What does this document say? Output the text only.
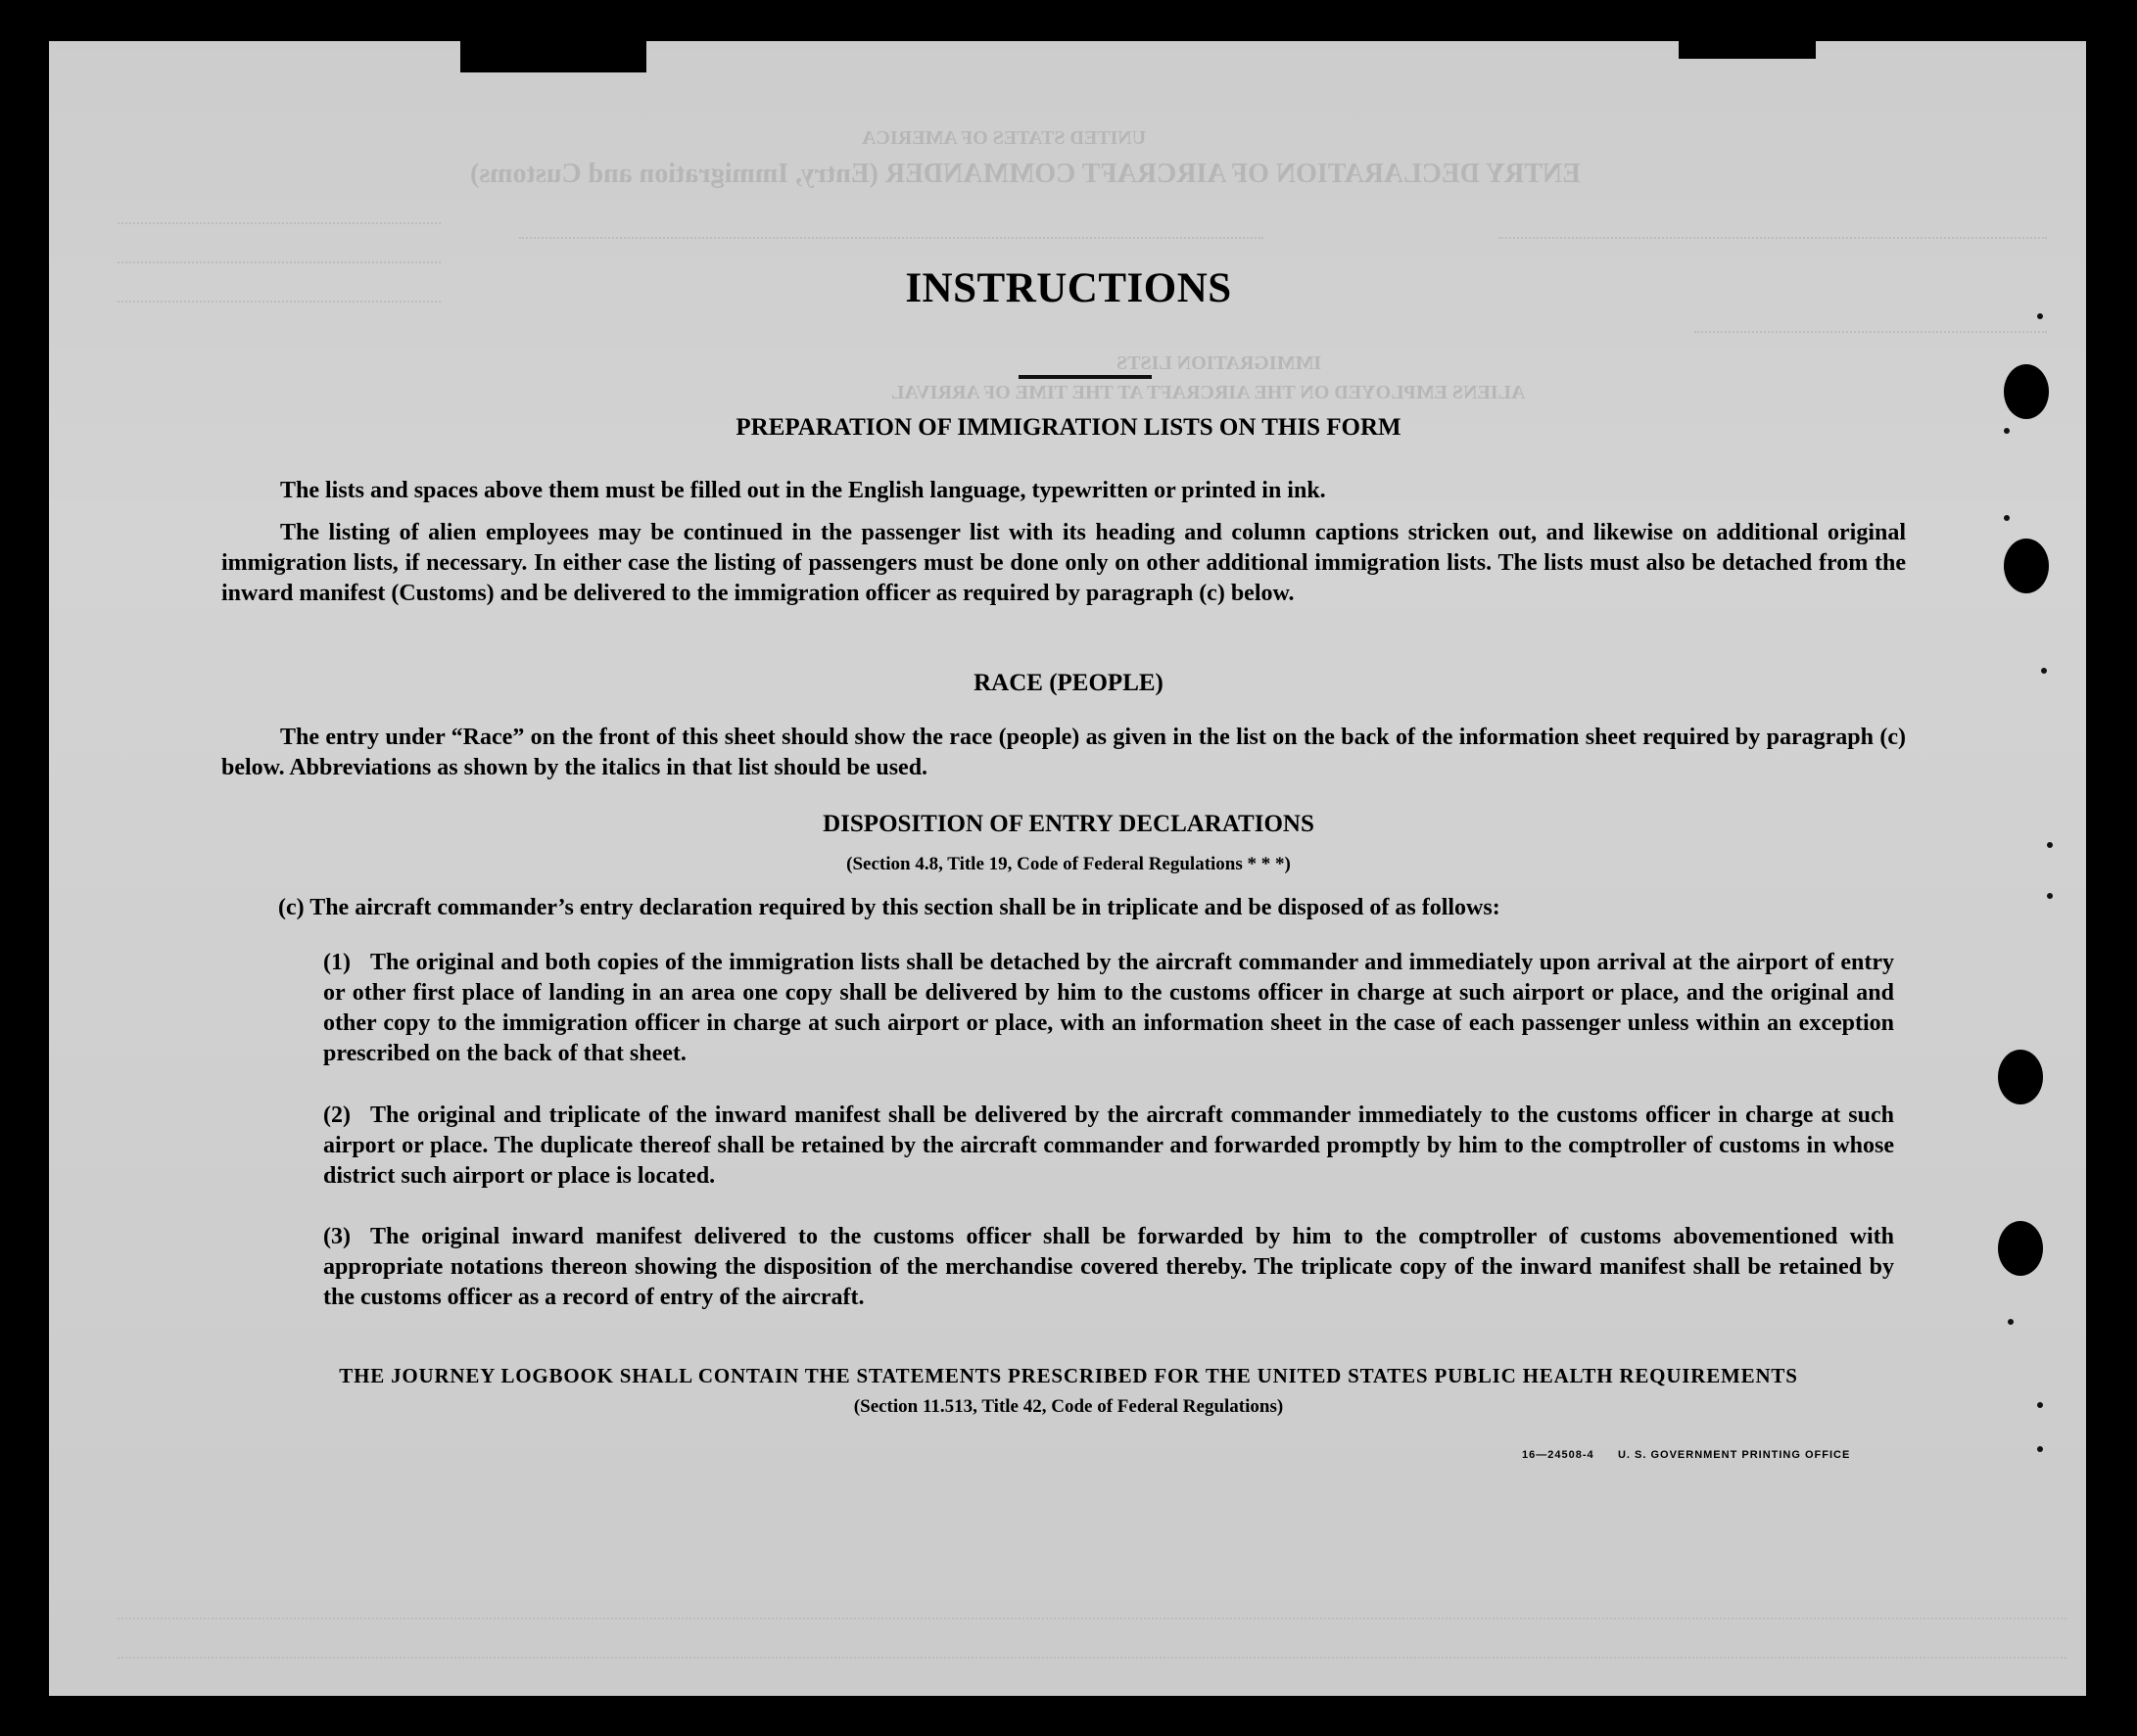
UNITED STATES OF AMERICA
ENTRY DECLARATION OF AIRCRAFT COMMANDER (Entry, Immigration and Customs)
IMMIGRATION LISTS
ALIENS EMPLOYED ON THE AIRCRAFT AT THE TIME OF ARRIVAL
INSTRUCTIONS
PREPARATION OF IMMIGRATION LISTS ON THIS FORM
The lists and spaces above them must be filled out in the English language, typewritten or printed in ink.
The listing of alien employees may be continued in the passenger list with its heading and column captions stricken out, and likewise on additional original immigration lists, if necessary. In either case the listing of passengers must be done only on other additional immigration lists. The lists must also be detached from the inward manifest (Customs) and be delivered to the immigration officer as required by paragraph (c) below.
RACE (PEOPLE)
The entry under “Race” on the front of this sheet should show the race (people) as given in the list on the back of the information sheet required by paragraph (c) below. Abbreviations as shown by the italics in that list should be used.
DISPOSITION OF ENTRY DECLARATIONS
(Section 4.8, Title 19, Code of Federal Regulations * * *)
(c) The aircraft commander’s entry declaration required by this section shall be in triplicate and be disposed of as follows:
(1) The original and both copies of the immigration lists shall be detached by the aircraft commander and immediately upon arrival at the airport of entry or other first place of landing in an area one copy shall be delivered by him to the customs officer in charge at such airport or place, and the original and other copy to the immigration officer in charge at such airport or place, with an information sheet in the case of each passenger unless within an exception prescribed on the back of that sheet.
(2) The original and triplicate of the inward manifest shall be delivered by the aircraft commander immediately to the customs officer in charge at such airport or place. The duplicate thereof shall be retained by the aircraft commander and forwarded promptly by him to the comptroller of customs in whose district such airport or place is located.
(3) The original inward manifest delivered to the customs officer shall be forwarded by him to the comptroller of customs abovementioned with appropriate notations thereon showing the disposition of the merchandise covered thereby. The triplicate copy of the inward manifest shall be retained by the customs officer as a record of entry of the aircraft.
THE JOURNEY LOGBOOK SHALL CONTAIN THE STATEMENTS PRESCRIBED FOR THE UNITED STATES PUBLIC HEALTH REQUIREMENTS
(Section 11.513, Title 42, Code of Federal Regulations)
16—24508-4 U. S. GOVERNMENT PRINTING OFFICE
